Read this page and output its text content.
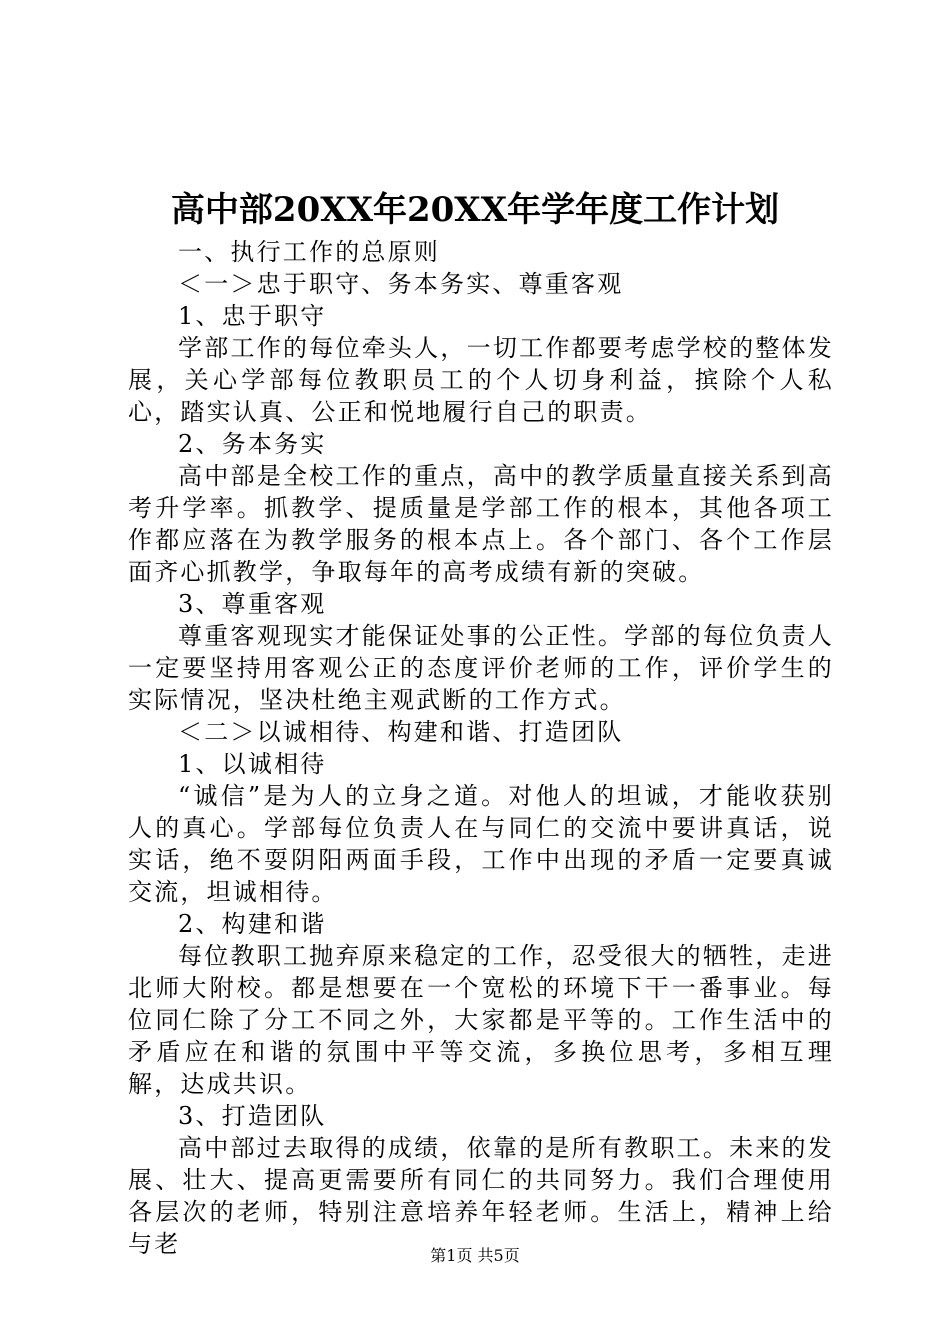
高中部20XX年20XX年学年度工作计划
一、执行工作的总原则
＜一＞忠于职守、务本务实、尊重客观
1、忠于职守

学部工作的每位牵头人，一切工作都要考虑学校的整体发展，关心学部每位教职员工的个人切身利益，摈除个人私心，踏实认真、公正和悦地履行自己的职责。

2、务本务实

高中部是全校工作的重点，高中的教学质量直接关系到高考升学率。抓教学、提质量是学部工作的根本，其他各项工作都应落在为教学服务的根本点上。各个部门、各个工作层面齐心抓教学，争取每年的高考成绩有新的突破。

3、尊重客观

尊重客观现实才能保证处事的公正性。学部的每位负责人一定要坚持用客观公正的态度评价老师的工作，评价学生的实际情况，坚决杜绝主观武断的工作方式。

＜二＞以诚相待、构建和谐、打造团队
1、以诚相待

“诚信”是为人的立身之道。对他人的坦诚，才能收获别人的真心。学部每位负责人在与同仁的交流中要讲真话，说实话，绝不耍阴阳两面手段，工作中出现的矛盾一定要真诚交流，坦诚相待。

2、构建和谐

每位教职工抛弃原来稳定的工作，忍受很大的牺牲，走进北师大附校。都是想要在一个宽松的环境下干一番事业。每位同仁除了分工不同之外，大家都是平等的。工作生活中的矛盾应在和谐的氛围中平等交流，多换位思考，多相互理解，达成共识。

3、打造团队

高中部过去取得的成绩，依靠的是所有教职工。未来的发展、壮大、提高更需要所有同仁的共同努力。我们合理使用各层次的老师，特别注意培养年轻老师。生活上，精神上给与老	第1页 共5页
